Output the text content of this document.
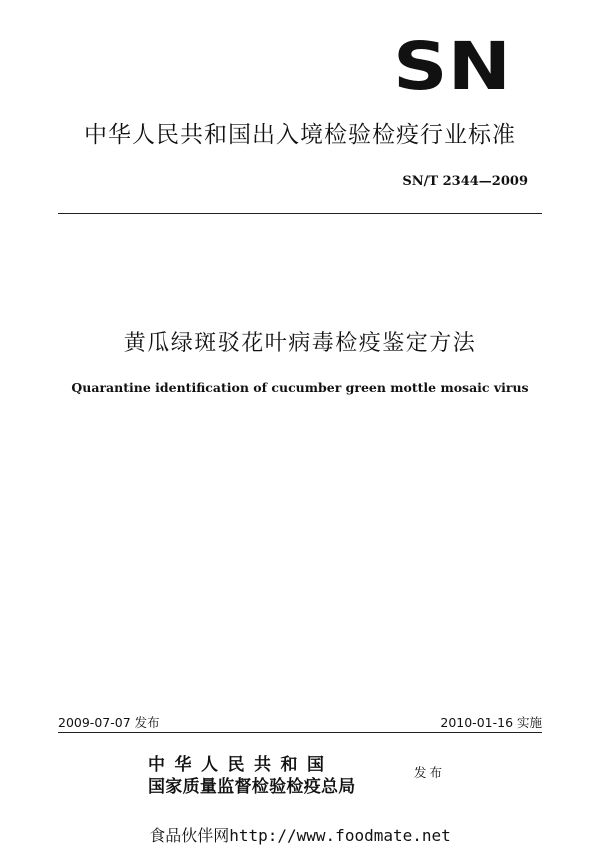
SN
中华人民共和国出入境检验检疫行业标准
SN/T 2344—2009
黄瓜绿斑驳花叶病毒检疫鉴定方法
Quarantine identification of cucumber green mottle mosaic virus
2009-07-07 发布	2010-01-16 实施
中华人民共和国
国家质量监督检验检疫总局
发布
食品伙伴网http://www.foodmate.net
